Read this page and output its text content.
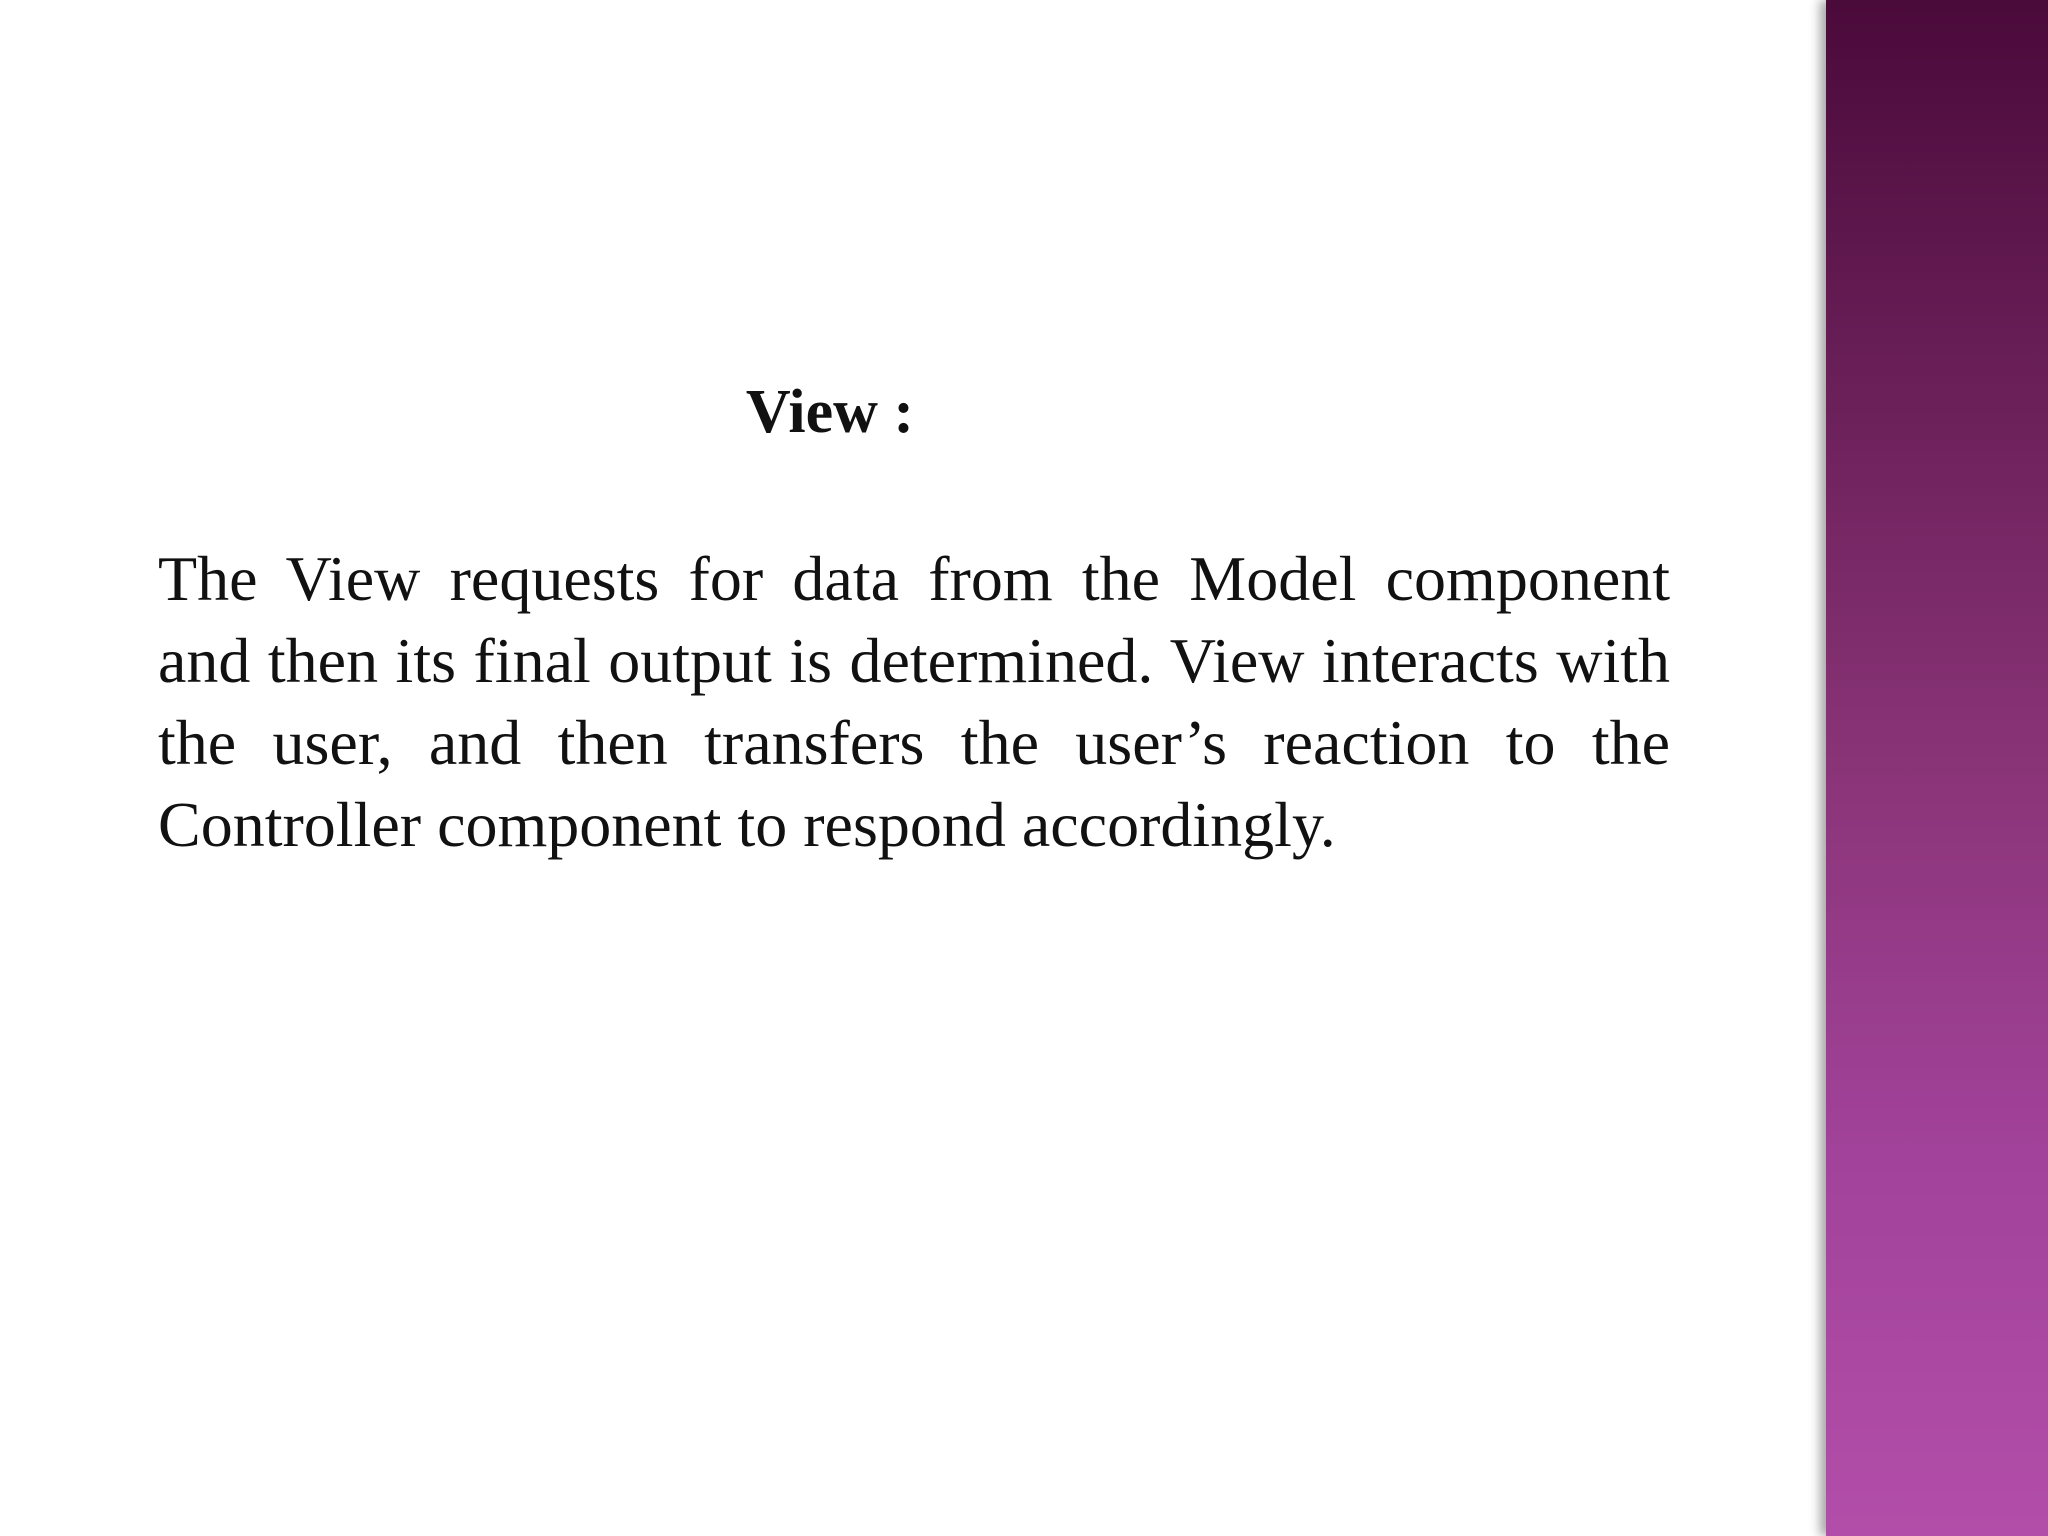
View :

The View requests for data from the Model component and then its final output is determined. View interacts with the user, and then transfers the user’s reaction to the Controller component to respond accordingly.
